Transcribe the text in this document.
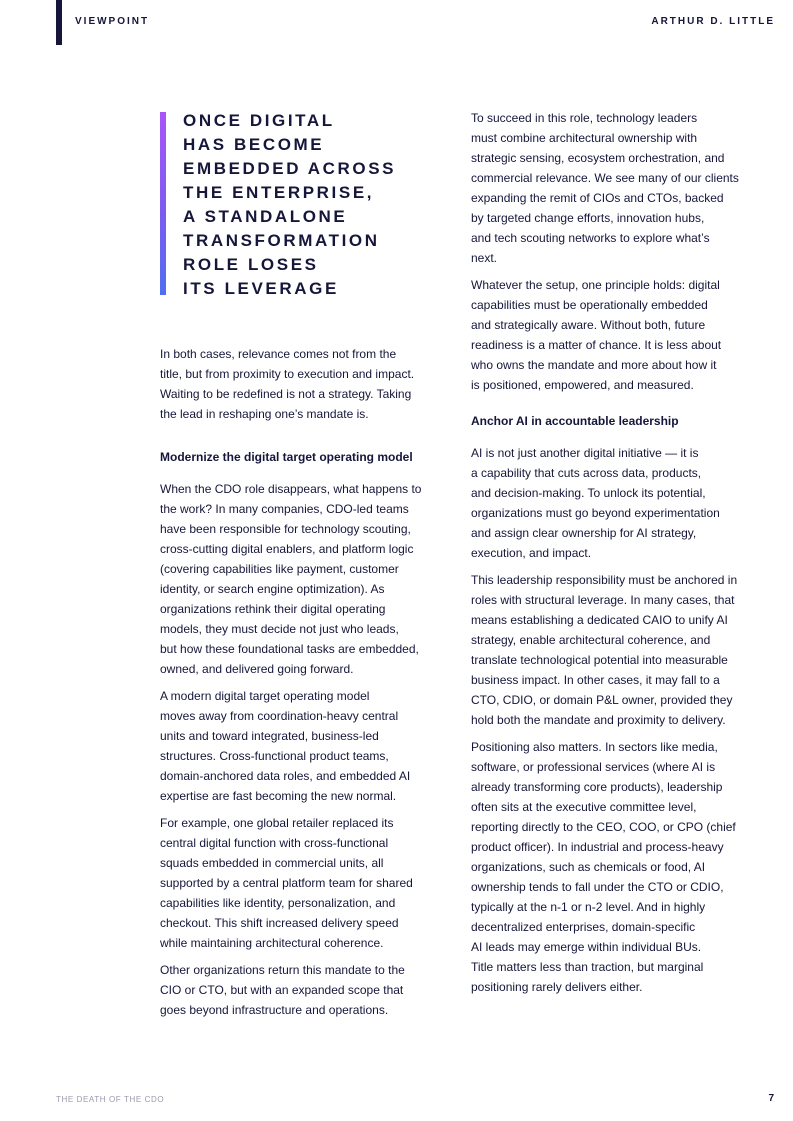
VIEWPOINT	ARTHUR D. LITTLE
ONCE DIGITAL
HAS BECOME
EMBEDDED ACROSS
THE ENTERPRISE,
A STANDALONE
TRANSFORMATION
ROLE LOSES
ITS LEVERAGE

In both cases, relevance comes not from the
title, but from proximity to execution and impact.
Waiting to be redefined is not a strategy. Taking
the lead in reshaping one’s mandate is.

Modernize the digital target operating model

When the CDO role disappears, what happens to
the work? In many companies, CDO-led teams
have been responsible for technology scouting,
cross-cutting digital enablers, and platform logic
(covering capabilities like payment, customer
identity, or search engine optimization). As
organizations rethink their digital operating
models, they must decide not just who leads,
but how these foundational tasks are embedded,
owned, and delivered going forward.

A modern digital target operating model
moves away from coordination-heavy central
units and toward integrated, business-led
structures. Cross-functional product teams,
domain-anchored data roles, and embedded AI
expertise are fast becoming the new normal.

For example, one global retailer replaced its
central digital function with cross-functional
squads embedded in commercial units, all
supported by a central platform team for shared
capabilities like identity, personalization, and
checkout. This shift increased delivery speed
while maintaining architectural coherence.

Other organizations return this mandate to the
CIO or CTO, but with an expanded scope that
goes beyond infrastructure and operations.

To succeed in this role, technology leaders
must combine architectural ownership with
strategic sensing, ecosystem orchestration, and
commercial relevance. We see many of our clients
expanding the remit of CIOs and CTOs, backed
by targeted change efforts, innovation hubs,
and tech scouting networks to explore what’s
next.

Whatever the setup, one principle holds: digital
capabilities must be operationally embedded
and strategically aware. Without both, future
readiness is a matter of chance. It is less about
who owns the mandate and more about how it
is positioned, empowered, and measured.

Anchor AI in accountable leadership

AI is not just another digital initiative — it is
a capability that cuts across data, products,
and decision-making. To unlock its potential,
organizations must go beyond experimentation
and assign clear ownership for AI strategy,
execution, and impact.

This leadership responsibility must be anchored in
roles with structural leverage. In many cases, that
means establishing a dedicated CAIO to unify AI
strategy, enable architectural coherence, and
translate technological potential into measurable
business impact. In other cases, it may fall to a
CTO, CDIO, or domain P&L owner, provided they
hold both the mandate and proximity to delivery.

Positioning also matters. In sectors like media,
software, or professional services (where AI is
already transforming core products), leadership
often sits at the executive committee level,
reporting directly to the CEO, COO, or CPO (chief
product officer). In industrial and process-heavy
organizations, such as chemicals or food, AI
ownership tends to fall under the CTO or CDIO,
typically at the n-1 or n-2 level. And in highly
decentralized enterprises, domain-specific
AI leads may emerge within individual BUs.
Title matters less than traction, but marginal
positioning rarely delivers either.

THE DEATH OF THE CDO	7
